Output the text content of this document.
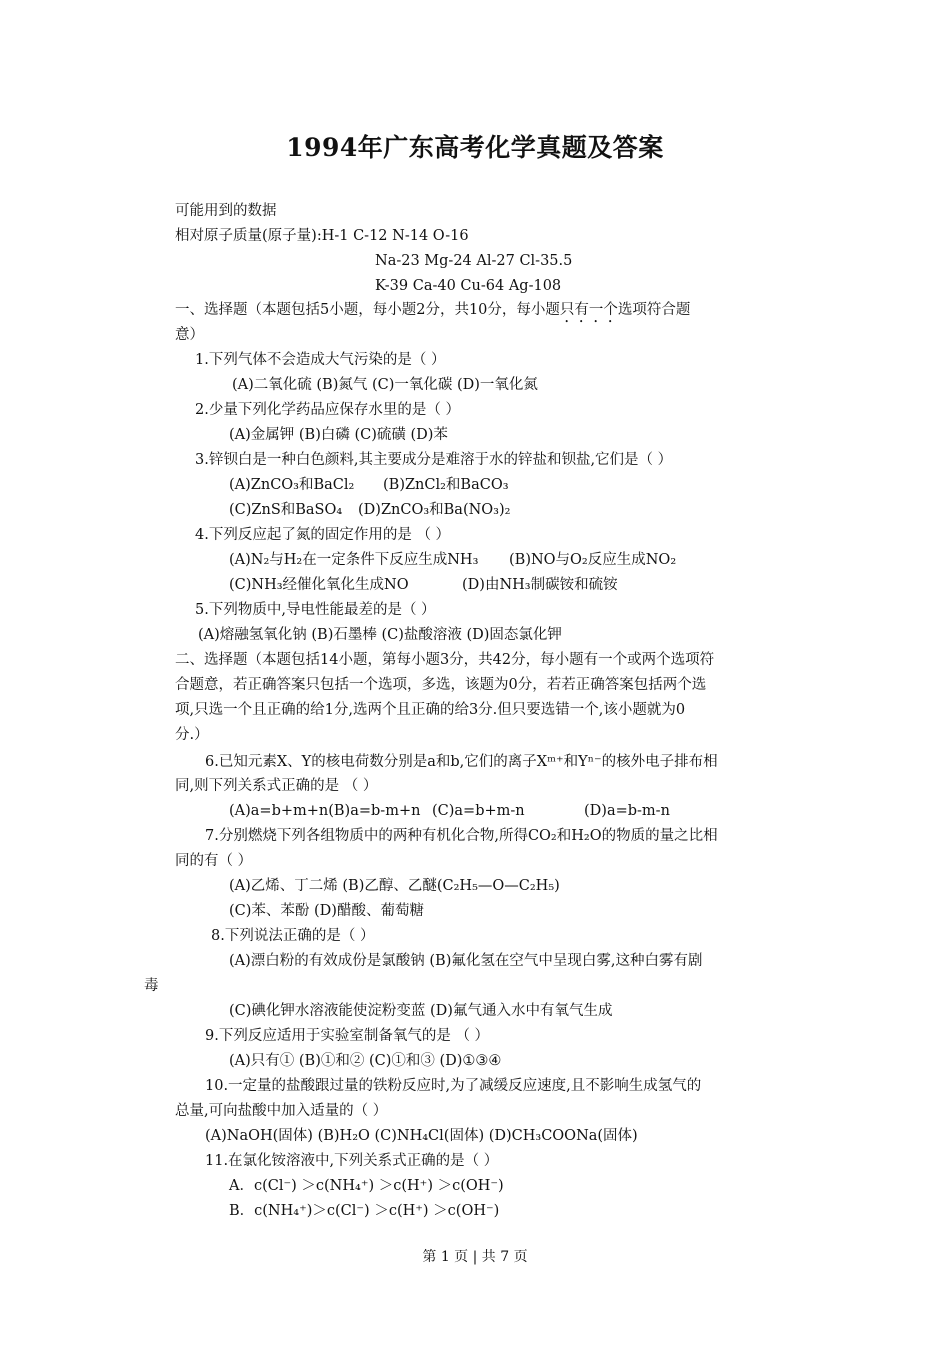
1994年广东高考化学真题及答案
可能用到的数据
相对原子质量(原子量):H-1 C-12 N-14 O-16
Na-23 Mg-24 Al-27 Cl-35.5
K-39 Ca-40 Cu-64 Ag-108
一、选择题（本题包括5小题，每小题2分，共10分，每小题只有一个选项符合题
意）
1.下列气体不会造成大气污染的是（ ）
(A)二氧化硫 (B)氮气 (C)一氧化碳 (D)一氧化氮
2.少量下列化学药品应保存水里的是（ ）
(A)金属钾 (B)白磷 (C)硫磺 (D)苯
3.锌钡白是一种白色颜料,其主要成分是难溶于水的锌盐和钡盐,它们是（ ）
(A)ZnCO₃和BaCl₂ (B)ZnCl₂和BaCO₃
(C)ZnS和BaSO₄ (D)ZnCO₃和Ba(NO₃)₂
4.下列反应起了氮的固定作用的是 （ ）
(A)N₂与H₂在一定条件下反应生成NH₃ (B)NO与O₂反应生成NO₂
(C)NH₃经催化氧化生成NO	(D)由NH₃制碳铵和硫铵
5.下列物质中,导电性能最差的是（ ）
(A)熔融氢氧化钠 (B)石墨棒 (C)盐酸溶液 (D)固态氯化钾
二、选择题（本题包括14小题，第每小题3分，共42分，每小题有一个或两个选项符
合题意，若正确答案只包括一个选项，多选，该题为0分，若若正确答案包括两个选
项,只选一个且正确的给1分,选两个且正确的给3分.但只要选错一个,该小题就为0
分.）
6.已知元素X、Y的核电荷数分别是a和b,它们的离子Xᵐ⁺和Yⁿ⁻的核外电子排布相
同,则下列关系式正确的是 （ ）
(A)a=b+m+n(B)a=b-m+n (C)a=b+m-n	(D)a=b-m-n
7.分别燃烧下列各组物质中的两种有机化合物,所得CO₂和H₂O的物质的量之比相
同的有（ ）
(A)乙烯、丁二烯 (B)乙醇、乙醚(C₂H₅—O—C₂H₅)
(C)苯、苯酚 (D)醋酸、葡萄糖
8.下列说法正确的是（ ）
(A)漂白粉的有效成份是氯酸钠 (B)氟化氢在空气中呈现白雾,这种白雾有剧
毒
(C)碘化钾水溶液能使淀粉变蓝 (D)氟气通入水中有氧气生成
9.下列反应适用于实验室制备氧气的是 （ ）
(A)只有① (B)①和② (C)①和③ (D)①③④
10.一定量的盐酸跟过量的铁粉反应时,为了减缓反应速度,且不影响生成氢气的
总量,可向盐酸中加入适量的（ ）
(A)NaOH(固体) (B)H₂O (C)NH₄Cl(固体) (D)CH₃COONa(固体)
11.在氯化铵溶液中,下列关系式正确的是（ ）
A．c(Cl⁻) ＞c(NH₄⁺) ＞c(H⁺) ＞c(OH⁻)
B．c(NH₄⁺)＞c(Cl⁻) ＞c(H⁺) ＞c(OH⁻)
第 1 页 | 共 7 页
